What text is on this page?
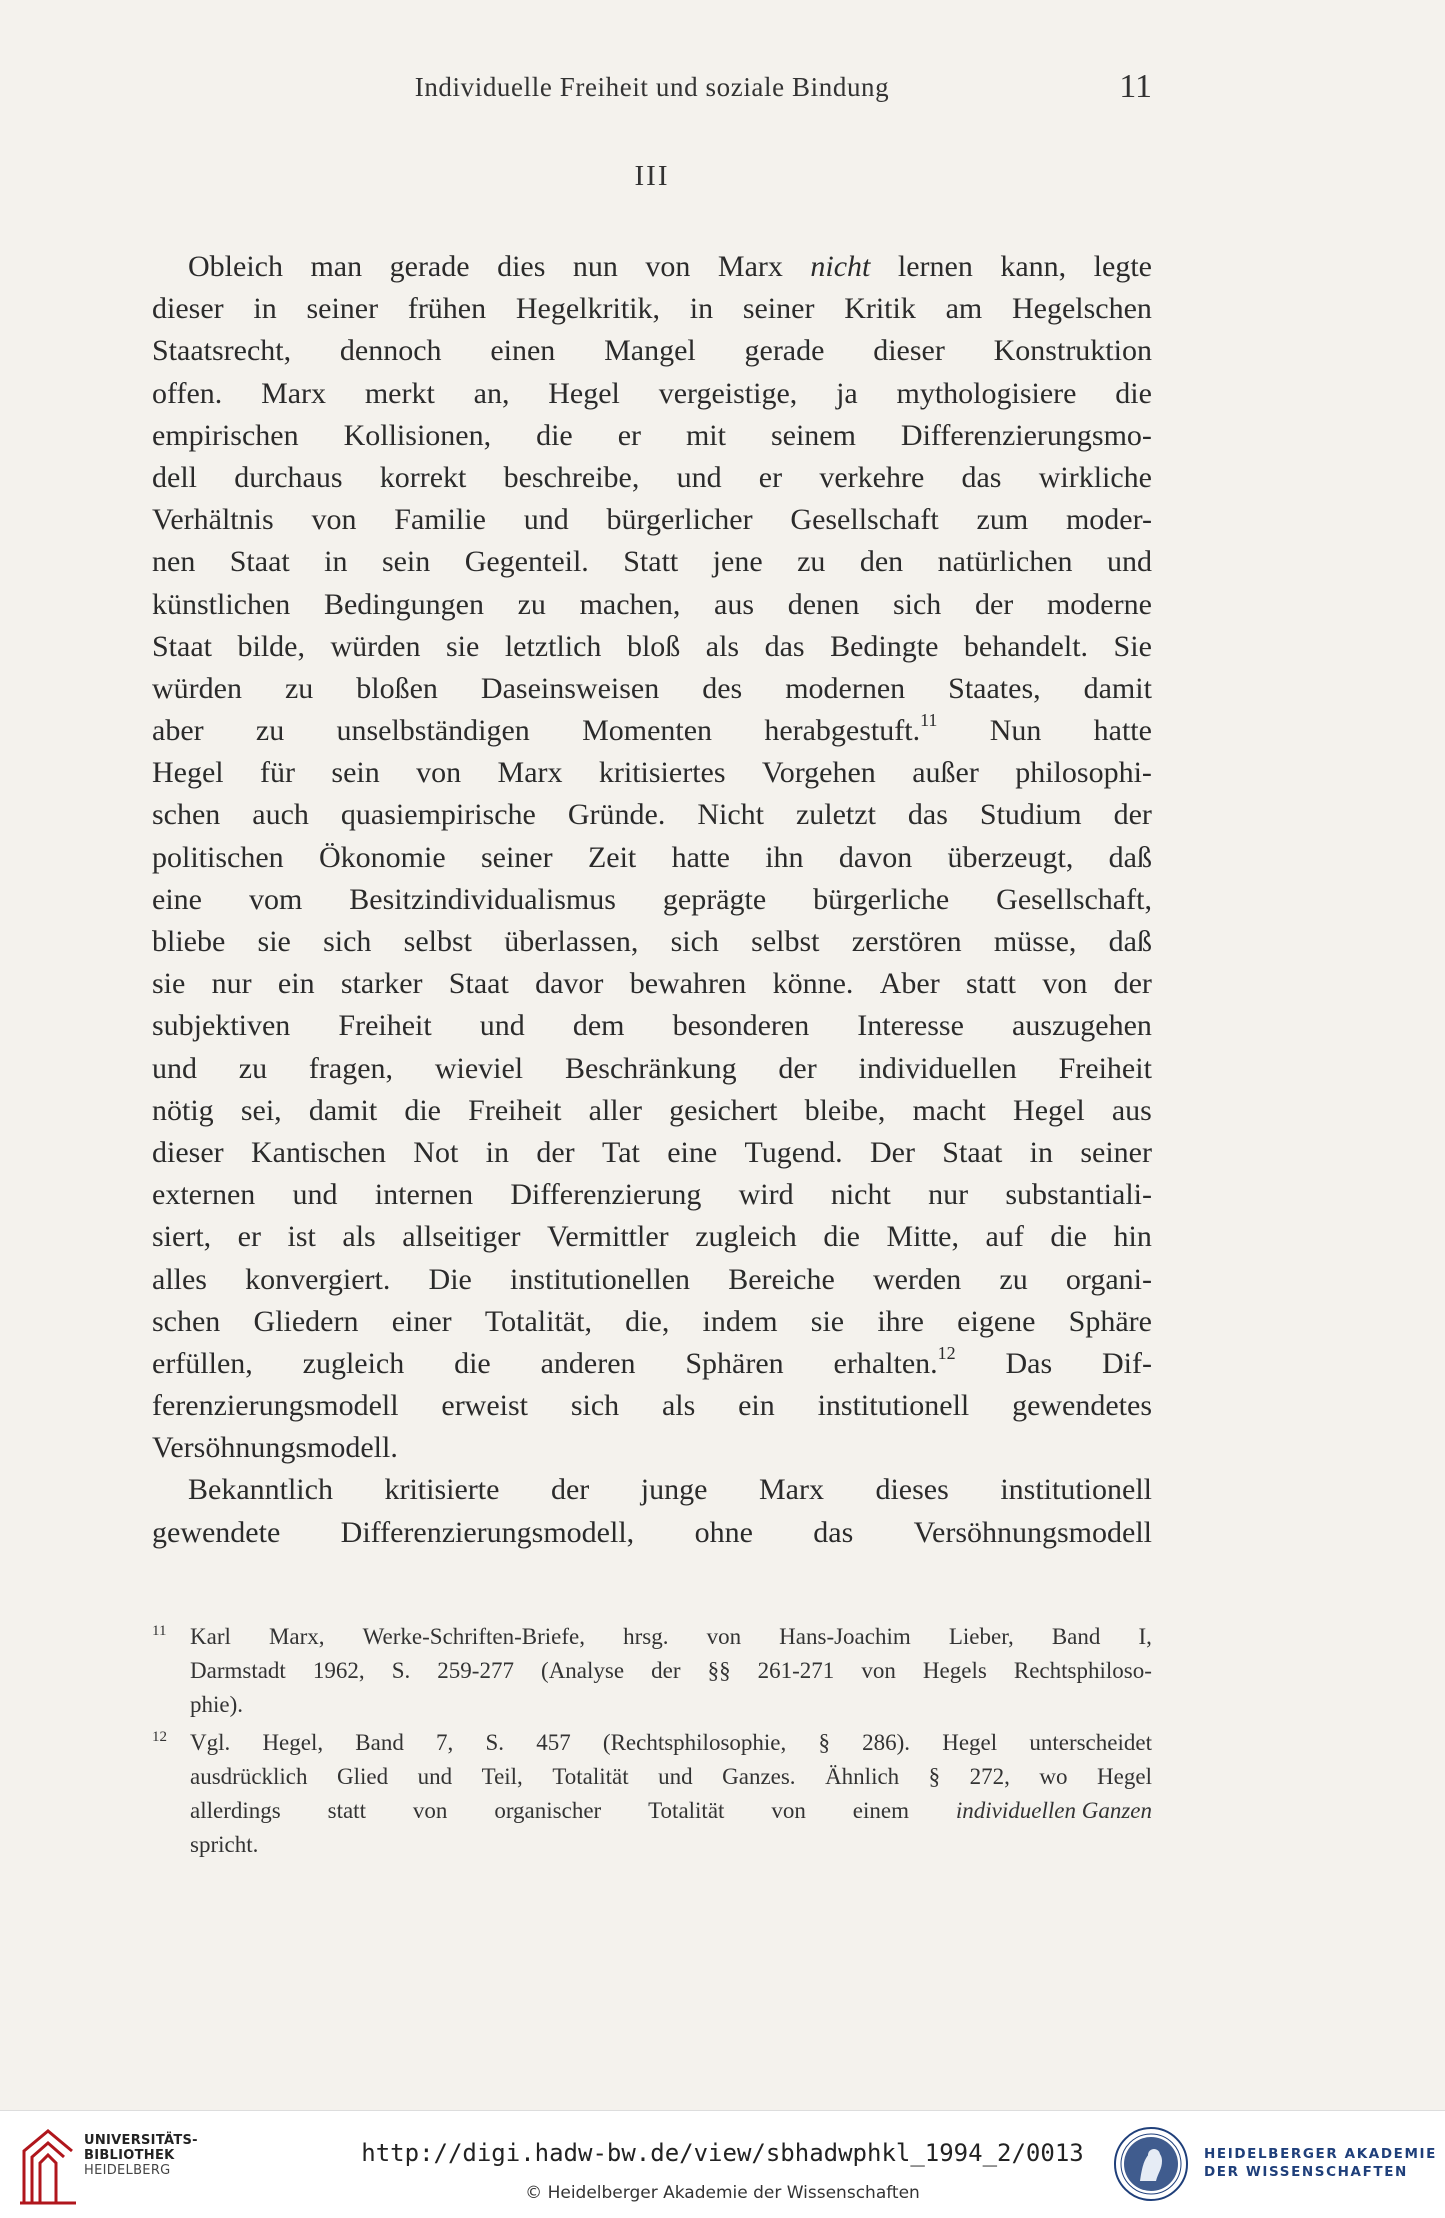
Individuelle Freiheit und soziale Bindung	11
III
Obleich man gerade dies nun von Marx nicht lernen kann, legte
dieser in seiner frühen Hegelkritik, in seiner Kritik am Hegelschen
Staatsrecht, dennoch einen Mangel gerade dieser Konstruktion
offen. Marx merkt an, Hegel vergeistige, ja mythologisiere die
empirischen Kollisionen, die er mit seinem Differenzierungsmo-
dell durchaus korrekt beschreibe, und er verkehre das wirkliche
Verhältnis von Familie und bürgerlicher Gesellschaft zum moder-
nen Staat in sein Gegenteil. Statt jene zu den natürlichen und
künstlichen Bedingungen zu machen, aus denen sich der moderne
Staat bilde, würden sie letztlich bloß als das Bedingte behandelt. Sie
würden zu bloßen Daseinsweisen des modernen Staates, damit
aber zu unselbständigen Momenten herabgestuft.$^{11}$ Nun hatte
Hegel für sein von Marx kritisiertes Vorgehen außer philosophi-
schen auch quasiempirische Gründe. Nicht zuletzt das Studium der
politischen Ökonomie seiner Zeit hatte ihn davon überzeugt, daß
eine vom Besitzindividualismus geprägte bürgerliche Gesellschaft,
bliebe sie sich selbst überlassen, sich selbst zerstören müsse, daß
sie nur ein starker Staat davor bewahren könne. Aber statt von der
subjektiven Freiheit und dem besonderen Interesse auszugehen
und zu fragen, wieviel Beschränkung der individuellen Freiheit
nötig sei, damit die Freiheit aller gesichert bleibe, macht Hegel aus
dieser Kantischen Not in der Tat eine Tugend. Der Staat in seiner
externen und internen Differenzierung wird nicht nur substantiali-
siert, er ist als allseitiger Vermittler zugleich die Mitte, auf die hin
alles konvergiert. Die institutionellen Bereiche werden zu organi-
schen Gliedern einer Totalität, die, indem sie ihre eigene Sphäre
erfüllen, zugleich die anderen Sphären erhalten.$^{12}$ Das Dif-
ferenzierungsmodell erweist sich als ein institutionell gewendetes
Versöhnungsmodell.
Bekanntlich kritisierte der junge Marx dieses institutionell
gewendete Differenzierungsmodell, ohne das Versöhnungsmodell
11	Karl Marx, Werke-Schriften-Briefe, hrsg. von Hans-Joachim Lieber, Band I,
Darmstadt 1962, S. 259-277 (Analyse der §§ 261-271 von Hegels Rechtsphiloso-
phie).
12	Vgl. Hegel, Band 7, S. 457 (Rechtsphilosophie, § 286). Hegel unterscheidet
ausdrücklich Glied und Teil, Totalität und Ganzes. Ähnlich § 272, wo Hegel
allerdings statt von organischer Totalität von einem individuellen Ganzen
spricht.
UNIVERSITÄTS-
BIBLIOTHEK
HEIDELBERG
http://digi.hadw-bw.de/view/sbhadwphkl_1994_2/0013
© Heidelberger Akademie der Wissenschaften
HEIDELBERGER AKADEMIE
DER WISSENSCHAFTEN
